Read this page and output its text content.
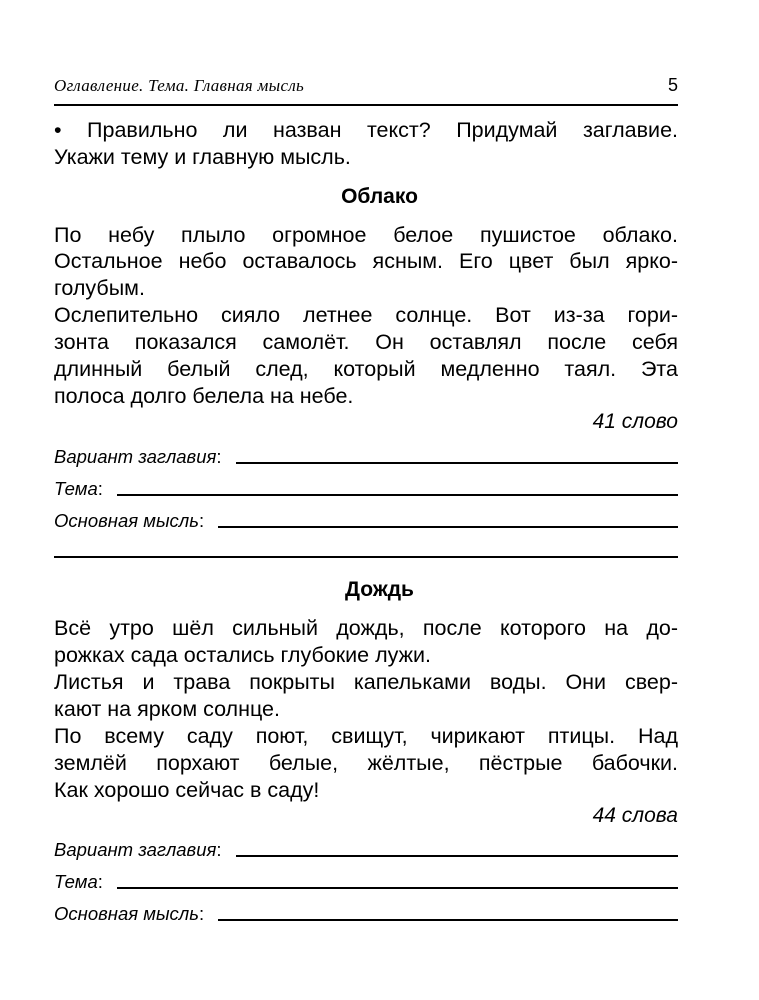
Оглавление. Тема. Главная мысль	5
• Правильно ли назван текст? Придумай заглавие.
Укажи тему и главную мысль.
Облако
По небу плыло огромное белое пушистое облако.
Остальное небо оставалось ясным. Его цвет был ярко-
голубым.
Ослепительно сияло летнее солнце. Вот из-за гори-
зонта показался самолёт. Он оставлял после себя
длинный белый след, который медленно таял. Эта
полоса долго белела на небе.
41 слово
Вариант заглавия :
Тема :
Основная мысль :
Дождь
Всё утро шёл сильный дождь, после которого на до-
рожках сада остались глубокие лужи.
Листья и трава покрыты капельками воды. Они свер-
кают на ярком солнце.
По всему саду поют, свищут, чирикают птицы. Над
землёй порхают белые, жёлтые, пёстрые бабочки.
Как хорошо сейчас в саду!
44 слова
Вариант заглавия :
Тема :
Основная мысль :
